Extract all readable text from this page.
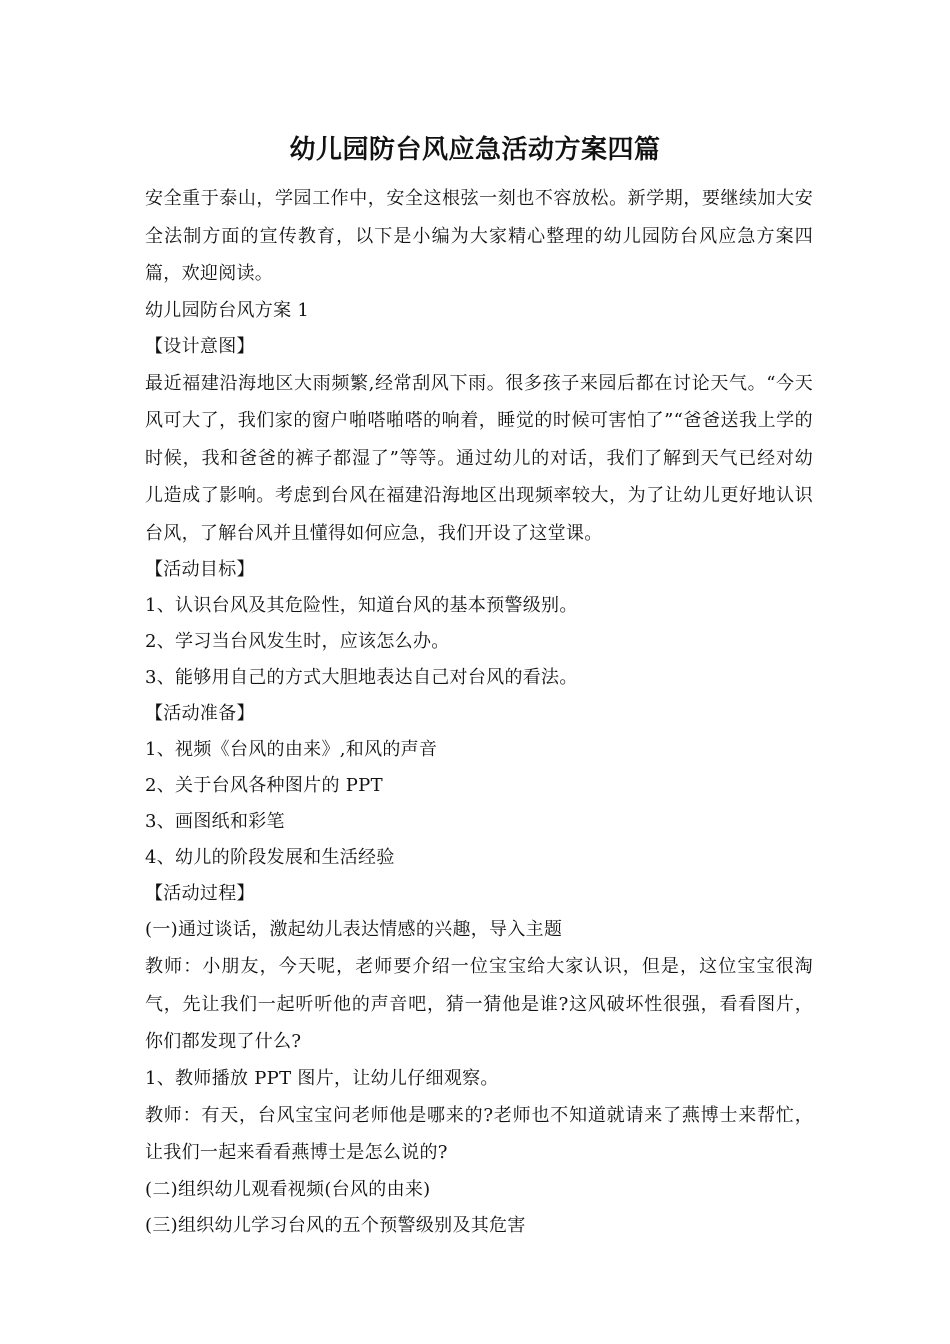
幼儿园防台风应急活动方案四篇

安全重于泰山，学园工作中，安全这根弦一刻也不容放松。新学期，要继续加大安全法制方面的宣传教育，以下是小编为大家精心整理的幼儿园防台风应急方案四篇，欢迎阅读。

幼儿园防台风方案 1

【设计意图】

最近福建沿海地区大雨频繁,经常刮风下雨。很多孩子来园后都在讨论天气。“今天风可大了，我们家的窗户啪嗒啪嗒的响着，睡觉的时候可害怕了”“爸爸送我上学的时候，我和爸爸的裤子都湿了”等等。通过幼儿的对话，我们了解到天气已经对幼儿造成了影响。考虑到台风在福建沿海地区出现频率较大，为了让幼儿更好地认识台风，了解台风并且懂得如何应急，我们开设了这堂课。

【活动目标】

1、认识台风及其危险性，知道台风的基本预警级别。

2、学习当台风发生时，应该怎么办。

3、能够用自己的方式大胆地表达自己对台风的看法。

【活动准备】

1、视频《台风的由来》,和风的声音

2、关于台风各种图片的 PPT

3、画图纸和彩笔

4、幼儿的阶段发展和生活经验

【活动过程】

(一)通过谈话，激起幼儿表达情感的兴趣，导入主题

教师：小朋友，今天呢，老师要介绍一位宝宝给大家认识，但是，这位宝宝很淘气，先让我们一起听听他的声音吧，猜一猜他是谁?这风破坏性很强，看看图片，你们都发现了什么?

1、教师播放 PPT 图片，让幼儿仔细观察。

教师：有天，台风宝宝问老师他是哪来的?老师也不知道就请来了燕博士来帮忙，让我们一起来看看燕博士是怎么说的?

(二)组织幼儿观看视频(台风的由来)

(三)组织幼儿学习台风的五个预警级别及其危害
